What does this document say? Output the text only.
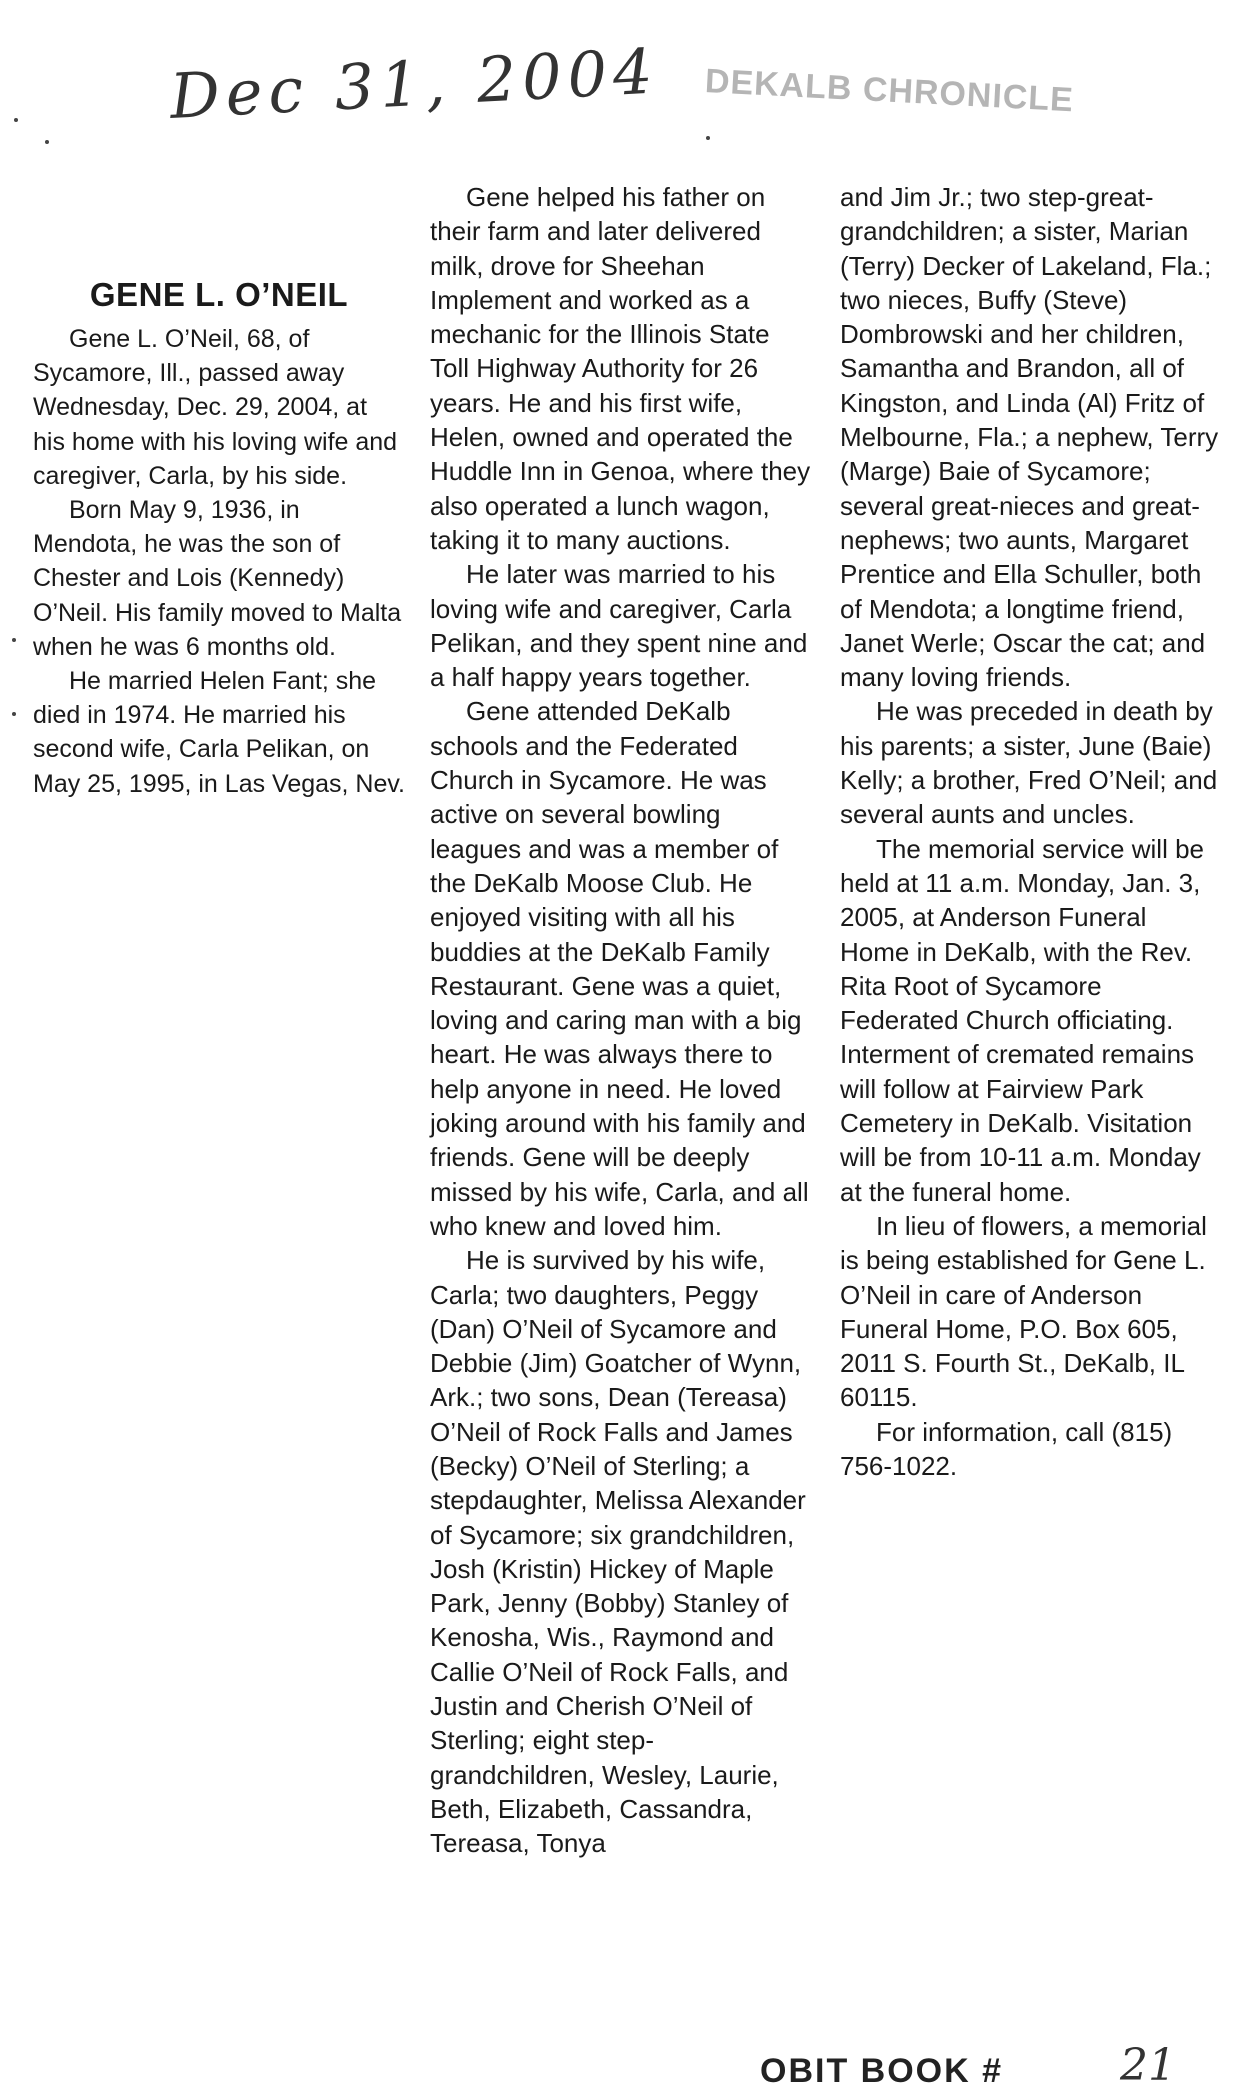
Dec 31, 2004 DEKALB CHRONICLE
GENE L. O’NEIL

Gene L. O’Neil, 68, of Sycamore, Ill., passed away Wednesday, Dec. 29, 2004, at his home with his loving wife and caregiver, Carla, by his side.

Born May 9, 1936, in Mendota, he was the son of Chester and Lois (Kennedy) O’Neil. His family moved to Malta when he was 6 months old.

He married Helen Fant; she died in 1974. He married his second wife, Carla Pelikan, on May 25, 1995, in Las Vegas, Nev.

Gene helped his father on their farm and later delivered milk, drove for Sheehan Implement and worked as a mechanic for the Illinois State Toll Highway Authority for 26 years. He and his first wife, Helen, owned and operated the Huddle Inn in Genoa, where they also operated a lunch wagon, taking it to many auctions.

He later was married to his loving wife and caregiver, Carla Pelikan, and they spent nine and a half happy years together.

Gene attended DeKalb schools and the Federated Church in Sycamore. He was active on several bowling leagues and was a member of the DeKalb Moose Club. He enjoyed visiting with all his buddies at the DeKalb Family Restaurant. Gene was a quiet, loving and caring man with a big heart. He was always there to help anyone in need. He loved joking around with his family and friends. Gene will be deeply missed by his wife, Carla, and all who knew and loved him.

He is survived by his wife, Carla; two daughters, Peggy (Dan) O’Neil of Sycamore and Debbie (Jim) Goatcher of Wynn, Ark.; two sons, Dean (Tereasa) O’Neil of Rock Falls and James (Becky) O’Neil of Sterling; a stepdaughter, Melissa Alexander of Sycamore; six grandchildren, Josh (Kristin) Hickey of Maple Park, Jenny (Bobby) Stanley of Kenosha, Wis., Raymond and Callie O’Neil of Rock Falls, and Justin and Cherish O’Neil of Sterling; eight step-grandchildren, Wesley, Laurie, Beth, Elizabeth, Cassandra, Tereasa, Tonya

and Jim Jr.; two step-great-grandchildren; a sister, Marian (Terry) Decker of Lakeland, Fla.; two nieces, Buffy (Steve) Dombrowski and her children, Samantha and Brandon, all of Kingston, and Linda (Al) Fritz of Melbourne, Fla.; a nephew, Terry (Marge) Baie of Sycamore; several great-nieces and great-nephews; two aunts, Margaret Prentice and Ella Schuller, both of Mendota; a longtime friend, Janet Werle; Oscar the cat; and many loving friends.

He was preceded in death by his parents; a sister, June (Baie) Kelly; a brother, Fred O’Neil; and several aunts and uncles.

The memorial service will be held at 11 a.m. Monday, Jan. 3, 2005, at Anderson Funeral Home in DeKalb, with the Rev. Rita Root of Sycamore Federated Church officiating. Interment of cremated remains will follow at Fairview Park Cemetery in DeKalb. Visitation will be from 10-11 a.m. Monday at the funeral home.

In lieu of flowers, a memorial is being established for Gene L. O’Neil in care of Anderson Funeral Home, P.O. Box 605, 2011 S. Fourth St., DeKalb, IL 60115.

For information, call (815) 756-1022.

OBIT BOOK #	21
